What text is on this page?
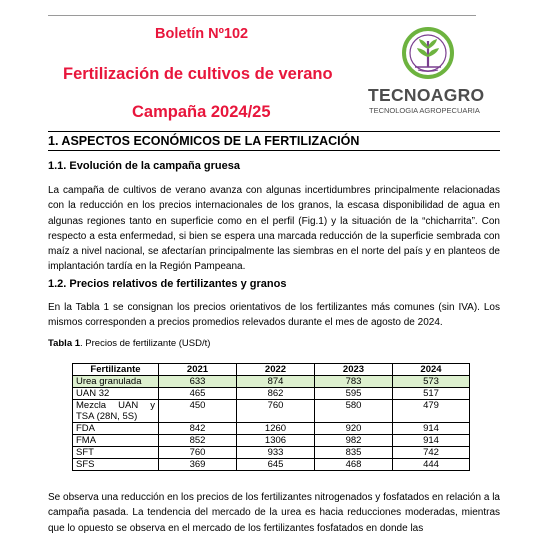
Boletín Nº102
Fertilización de cultivos de verano
Campaña 2024/25
TECNOAGRO
TECNOLOGIA AGROPECUARIA
1. ASPECTOS ECONÓMICOS DE LA FERTILIZACIÓN
1.1. Evolución de la campaña gruesa

La campaña de cultivos de verano avanza con algunas incertidumbres principalmente relacionadas con la reducción en los precios internacionales de los granos, la escasa disponibilidad de agua en algunas regiones tanto en superficie como en el perfil (Fig.1) y la situación de la “chicharrita”. Con respecto a esta enfermedad, si bien se espera una marcada reducción de la superficie sembrada con maíz a nivel nacional, se afectarían principalmente las siembras en el norte del país y en planteos de implantación tardía en la Región Pampeana.

1.2. Precios relativos de fertilizantes y granos

En la Tabla 1 se consignan los precios orientativos de los fertilizantes más comunes (sin IVA). Los mismos corresponden a precios promedios relevados durante el mes de agosto de 2024.

Tabla 1. Precios de fertilizante (USD/t)
Fertilizante	2021	2022	2023	2024
Urea granulada	633	874	783	573
UAN 32	465	862	595	517

Mezcla UAN y
TSA (28N, 5S)	450	760	580	479
FDA	842	1260	920	914
FMA	852	1306	982	914
SFT	760	933	835	742
SFS	369	645	468	444

Se observa una reducción en los precios de los fertilizantes nitrogenados y fosfatados en relación a la campaña pasada. La tendencia del mercado de la urea es hacia reducciones moderadas, mientras que lo opuesto se observa en el mercado de los fertilizantes fosfatados en donde las
